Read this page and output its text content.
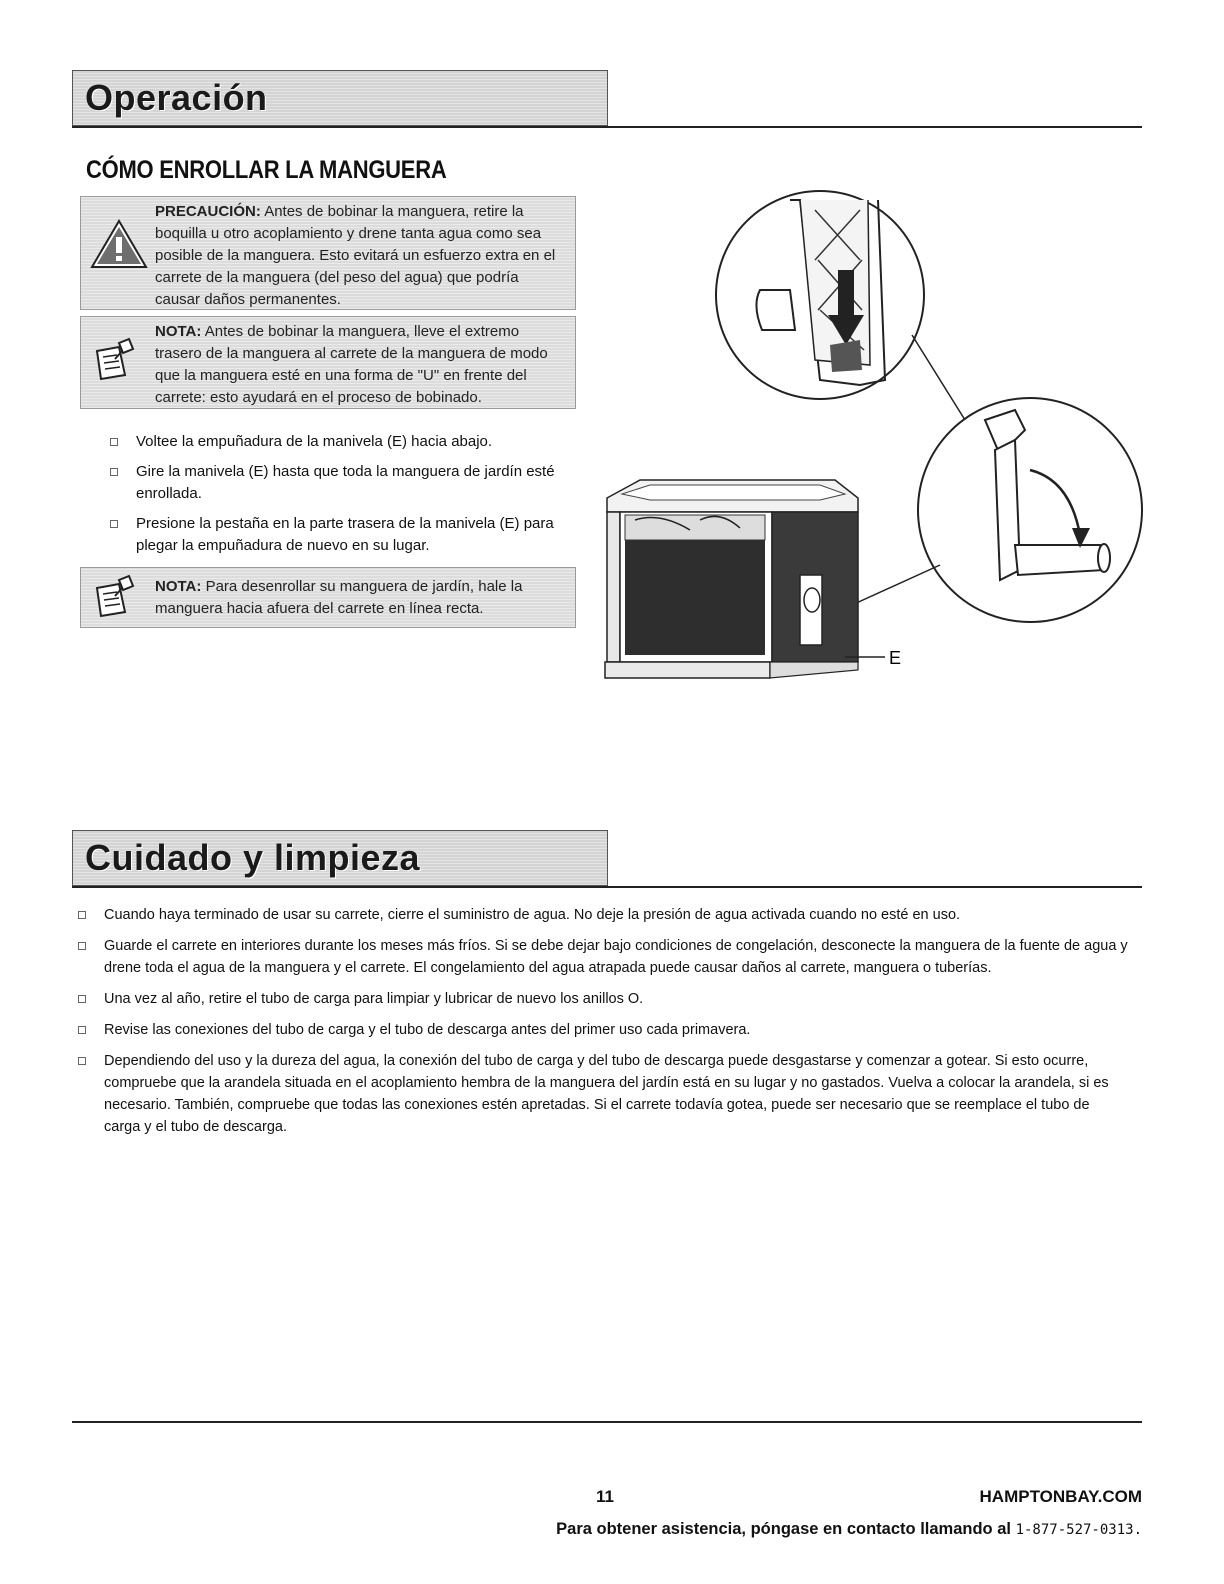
Operación
CÓMO ENROLLAR LA MANGUERA
PRECAUCIÓN: Antes de bobinar la manguera, retire la boquilla u otro acoplamiento y drene tanta agua como sea posible de la manguera. Esto evitará un esfuerzo extra en el carrete de la manguera (del peso del agua) que podría causar daños permanentes.
NOTA: Antes de bobinar la manguera, lleve el extremo trasero de la manguera al carrete de la manguera de modo que la manguera esté en una forma de "U" en frente del carrete: esto ayudará en el proceso de bobinado.
Voltee la empuñadura de la manivela (E) hacia abajo.
Gire la manivela (E) hasta que toda la manguera de jardín esté enrollada.
Presione la pestaña en la parte trasera de la manivela (E) para plegar la empuñadura de nuevo en su lugar.
NOTA: Para desenrollar su manguera de jardín, hale la manguera hacia afuera del carrete en línea recta.
E
Cuidado y limpieza
Cuando haya terminado de usar su carrete, cierre el suministro de agua. No deje la presión de agua activada cuando no esté en uso.
Guarde el carrete en interiores durante los meses más fríos. Si se debe dejar bajo condiciones de congelación, desconecte la manguera de la fuente de agua y drene toda el agua de la manguera y el carrete. El congelamiento del agua atrapada puede causar daños al carrete, manguera o tuberías.
Una vez al año, retire el tubo de carga para limpiar y lubricar de nuevo los anillos O.
Revise las conexiones del tubo de carga y el tubo de descarga antes del primer uso cada primavera.
Dependiendo del uso y la dureza del agua, la conexión del tubo de carga y del tubo de descarga puede desgastarse y comenzar a gotear. Si esto ocurre, compruebe que la arandela situada en el acoplamiento hembra de la manguera del jardín está en su lugar y no gastados. Vuelva a colocar la arandela, si es necesario. También, compruebe que todas las conexiones estén apretadas. Si el carrete todavía gotea, puede ser necesario que se reemplace el tubo de carga y el tubo de descarga.
11	HAMPTONBAY.COM
Para obtener asistencia, póngase en contacto llamando al 1-877-527-0313.
